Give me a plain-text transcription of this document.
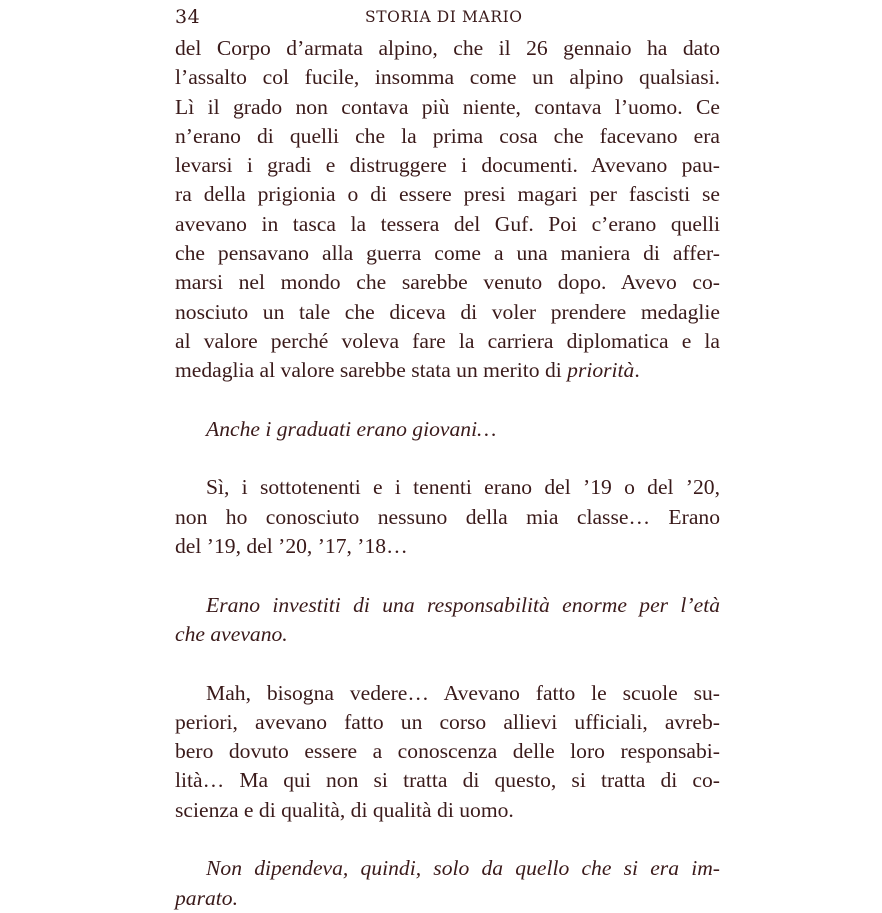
34	STORIA DI MARIO
del Corpo d’armata alpino, che il 26 gennaio ha dato
l’assalto col fucile, insomma come un alpino qualsiasi.
Lì il grado non contava più niente, contava l’uomo. Ce
n’erano di quelli che la prima cosa che facevano era
levarsi i gradi e distruggere i documenti. Avevano pau-
ra della prigionia o di essere presi magari per fascisti se
avevano in tasca la tessera del Guf. Poi c’erano quelli
che pensavano alla guerra come a una maniera di affer-
marsi nel mondo che sarebbe venuto dopo. Avevo co-
nosciuto un tale che diceva di voler prendere medaglie
al valore perché voleva fare la carriera diplomatica e la
medaglia al valore sarebbe stata un merito di priorità.
Anche i graduati erano giovani…
Sì, i sottotenenti e i tenenti erano del ’19 o del ’20,
non ho conosciuto nessuno della mia classe… Erano
del ’19, del ’20, ’17, ’18…
Erano investiti di una responsabilità enorme per l’età
che avevano.
Mah, bisogna vedere… Avevano fatto le scuole su-
periori, avevano fatto un corso allievi ufficiali, avreb-
bero dovuto essere a conoscenza delle loro responsabi-
lità… Ma qui non si tratta di questo, si tratta di co-
scienza e di qualità, di qualità di uomo.
Non dipendeva, quindi, solo da quello che si era im-
parato.
